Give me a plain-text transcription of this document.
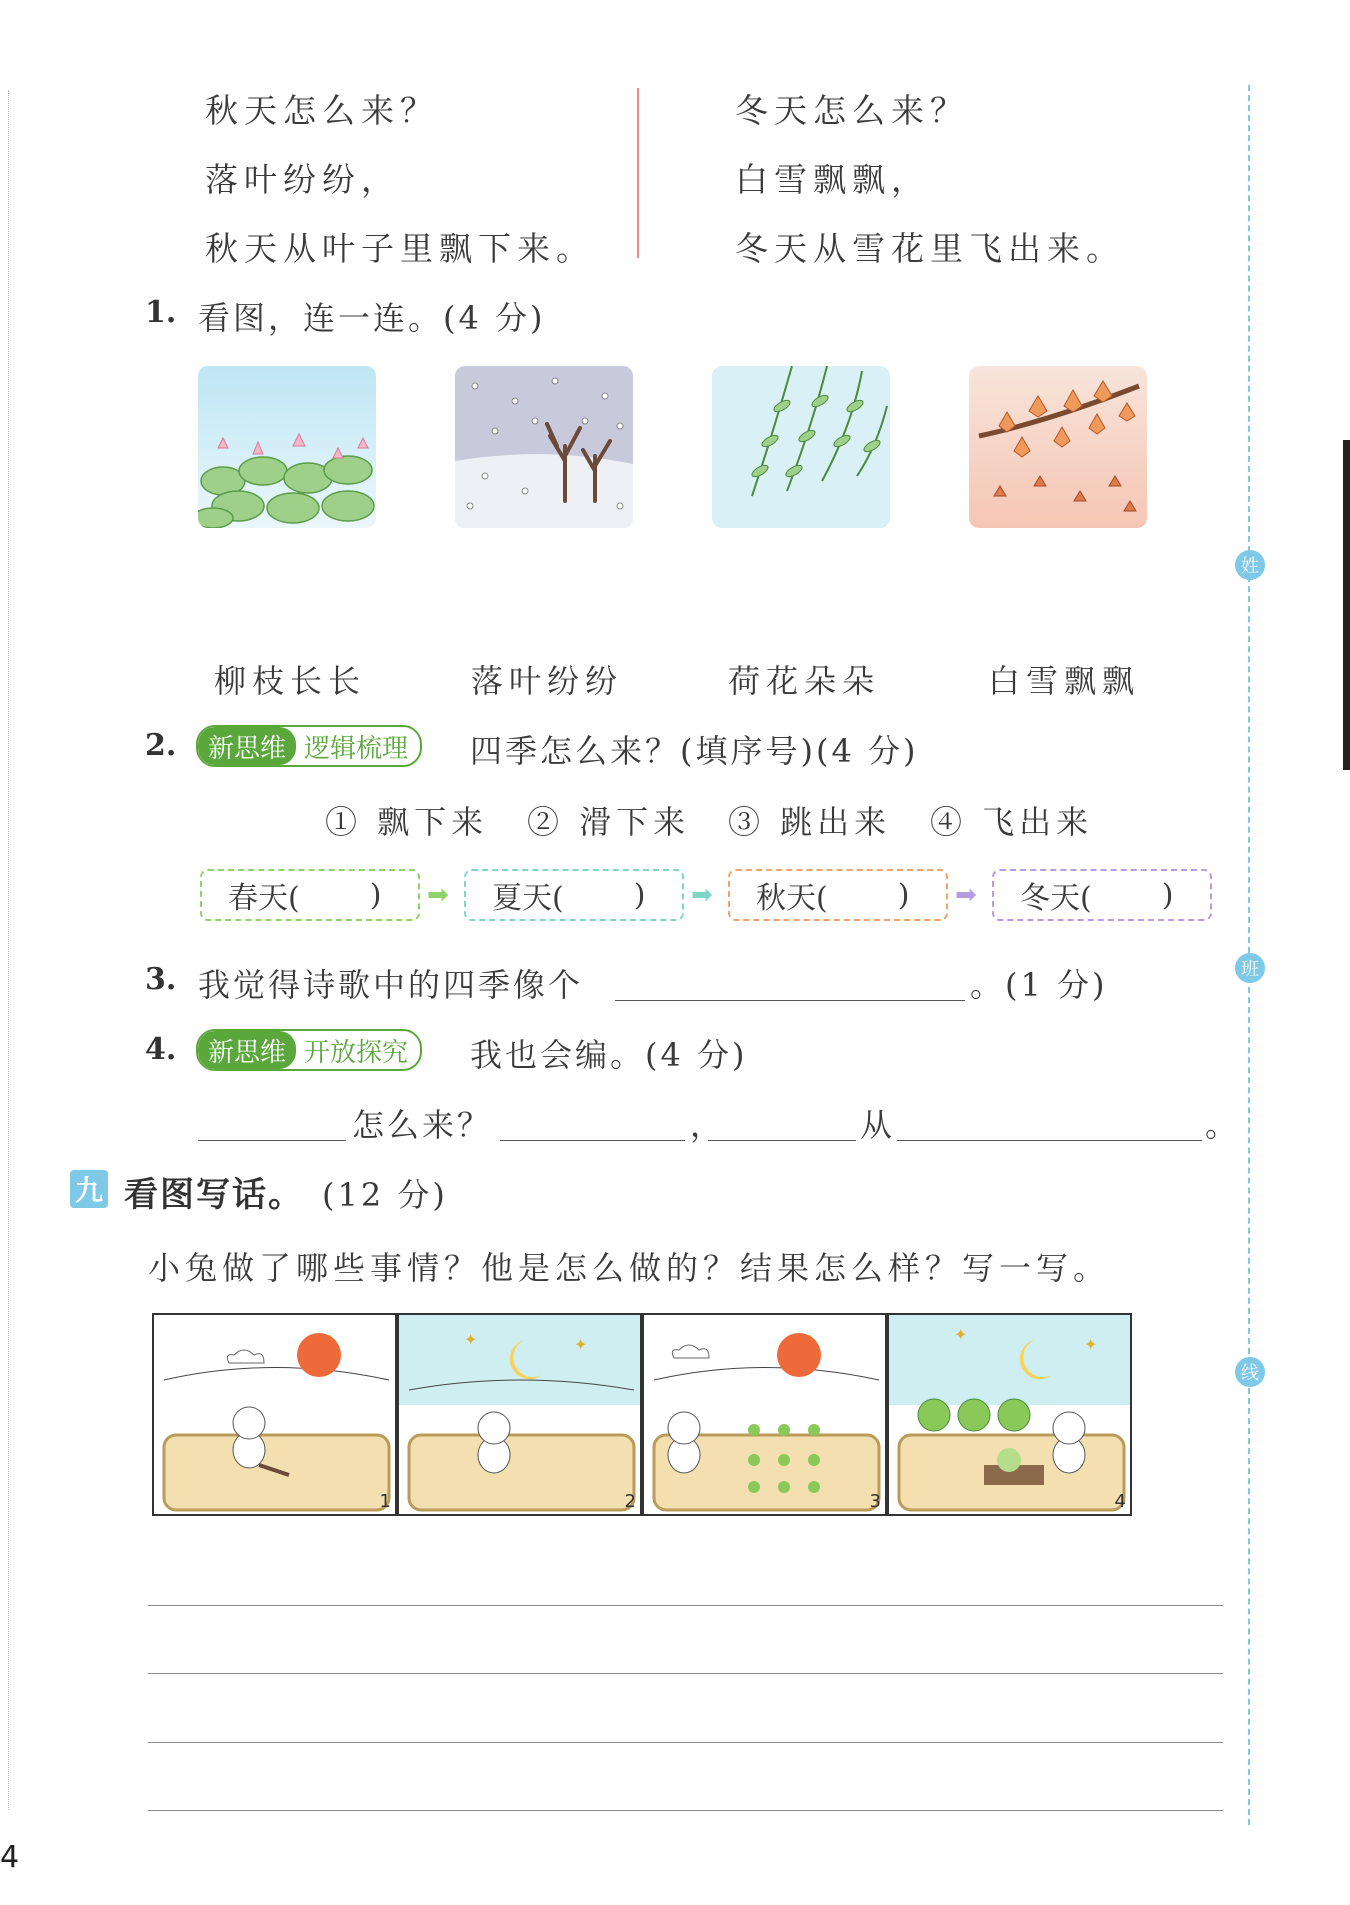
姓
班
线
秋天怎么来？
落叶纷纷，
秋天从叶子里飘下来。
冬天怎么来？
白雪飘飘，
冬天从雪花里飞出来。
1. 看图，连一连。(4 分)
柳枝长长	落叶纷纷	荷花朵朵	白雪飘飘
2.	新思维 逻辑梳理	四季怎么来？(填序号)(4 分)
① 飘下来 ② 滑下来 ③ 跳出来 ④ 飞出来
春天( ) ➡ 夏天( ) ➡ 秋天( ) ➡ 冬天( )
3. 我觉得诗歌中的四季像个	。(1 分)
4.	新思维 开放探究	我也会编。(4 分)
怎么来？	，	从	。
九 看图写话。 (12 分)
小兔做了哪些事情？他是怎么做的？结果怎么样？写一写。
1
✦	✦
2	3
✦
✦
4
4
